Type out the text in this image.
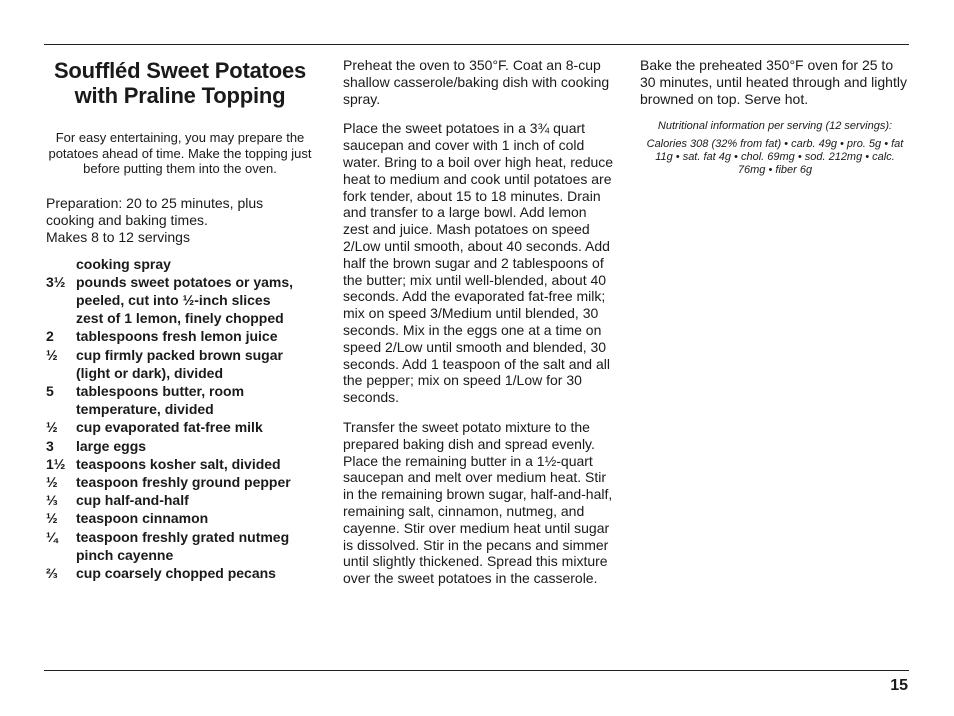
Souffléd Sweet Potatoes with Praline Topping

For easy entertaining, you may prepare the potatoes ahead of time. Make the topping just before putting them into the oven.

Preparation: 20 to 25 minutes, plus cooking and baking times.
Makes 8 to 12 servings

cooking spray
3½ pounds sweet potatoes or yams, peeled, cut into ½-inch slices
zest of 1 lemon, finely chopped
2	tablespoons fresh lemon juice
½	cup firmly packed brown sugar (light or dark), divided
5	tablespoons butter, room temperature, divided
½	cup evaporated fat-free milk
3	large eggs
1½ teaspoons kosher salt, divided
½	teaspoon freshly ground pepper
⅓	cup half-and-half
½	teaspoon cinnamon
¼	teaspoon freshly grated nutmeg
pinch cayenne
⅔	cup coarsely chopped pecans

Preheat the oven to 350°F. Coat an 8-cup shallow casserole/baking dish with cooking spray.

Place the sweet potatoes in a 3¾ quart saucepan and cover with 1 inch of cold water. Bring to a boil over high heat, reduce heat to medium and cook until potatoes are fork tender, about 15 to 18 minutes. Drain and transfer to a large bowl. Add lemon zest and juice. Mash potatoes on speed 2/Low until smooth, about 40 seconds. Add half the brown sugar and 2 tablespoons of the butter; mix until well-blended, about 40 seconds. Add the evaporated fat-free milk; mix on speed 3/Medium until blended, 30 seconds. Mix in the eggs one at a time on speed 2/Low until smooth and blended, 30 seconds. Add 1 teaspoon of the salt and all the pepper; mix on speed 1/Low for 30 seconds.

Transfer the sweet potato mixture to the prepared baking dish and spread evenly. Place the remaining butter in a 1½-quart saucepan and melt over medium heat. Stir in the remaining brown sugar, half-and-half, remaining salt, cinnamon, nutmeg, and cayenne. Stir over medium heat until sugar is dissolved. Stir in the pecans and simmer until slightly thickened. Spread this mixture over the sweet potatoes in the casserole.

Bake the preheated 350°F oven for 25 to 30 minutes, until heated through and lightly browned on top. Serve hot.

Nutritional information per serving (12 servings):

Calories 308 (32% from fat) • carb. 49g • pro. 5g • fat 11g • sat. fat 4g • chol. 69mg • sod. 212mg • calc. 76mg • fiber 6g

15
